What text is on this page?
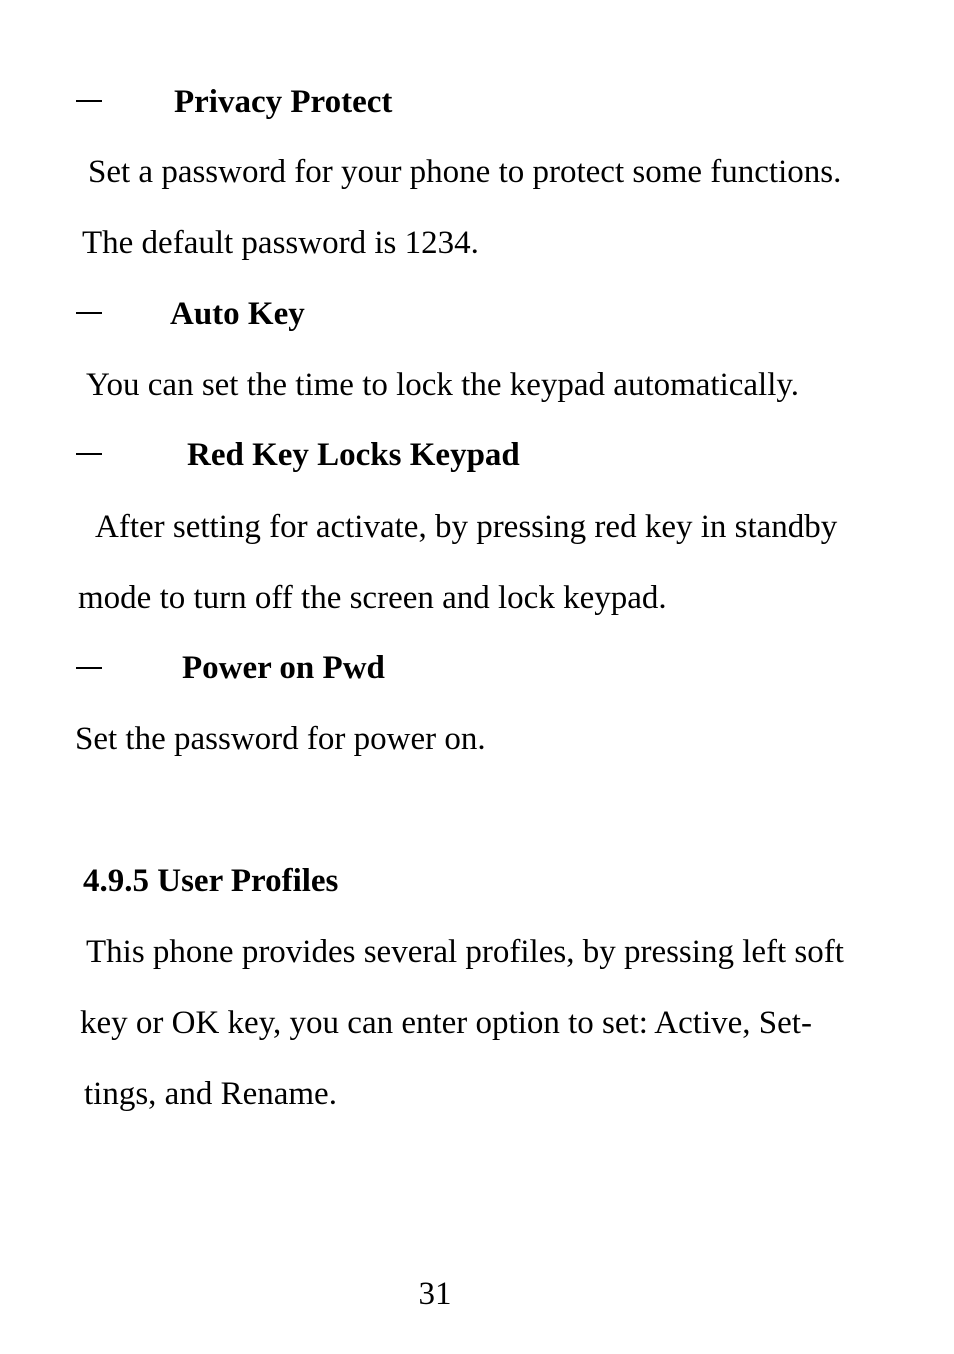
Privacy Protect
Set a password for your phone to protect some functions.
The default password is 1234.
Auto Key
You can set the time to lock the keypad automatically.
Red Key Locks Keypad
After setting for activate, by pressing red key in standby
mode to turn off the screen and lock keypad.
Power on Pwd
Set the password for power on.
4.9.5 User Profiles
This phone provides several profiles, by pressing left soft
key or OK key, you can enter option to set: Active, Set-
tings, and Rename.
31
